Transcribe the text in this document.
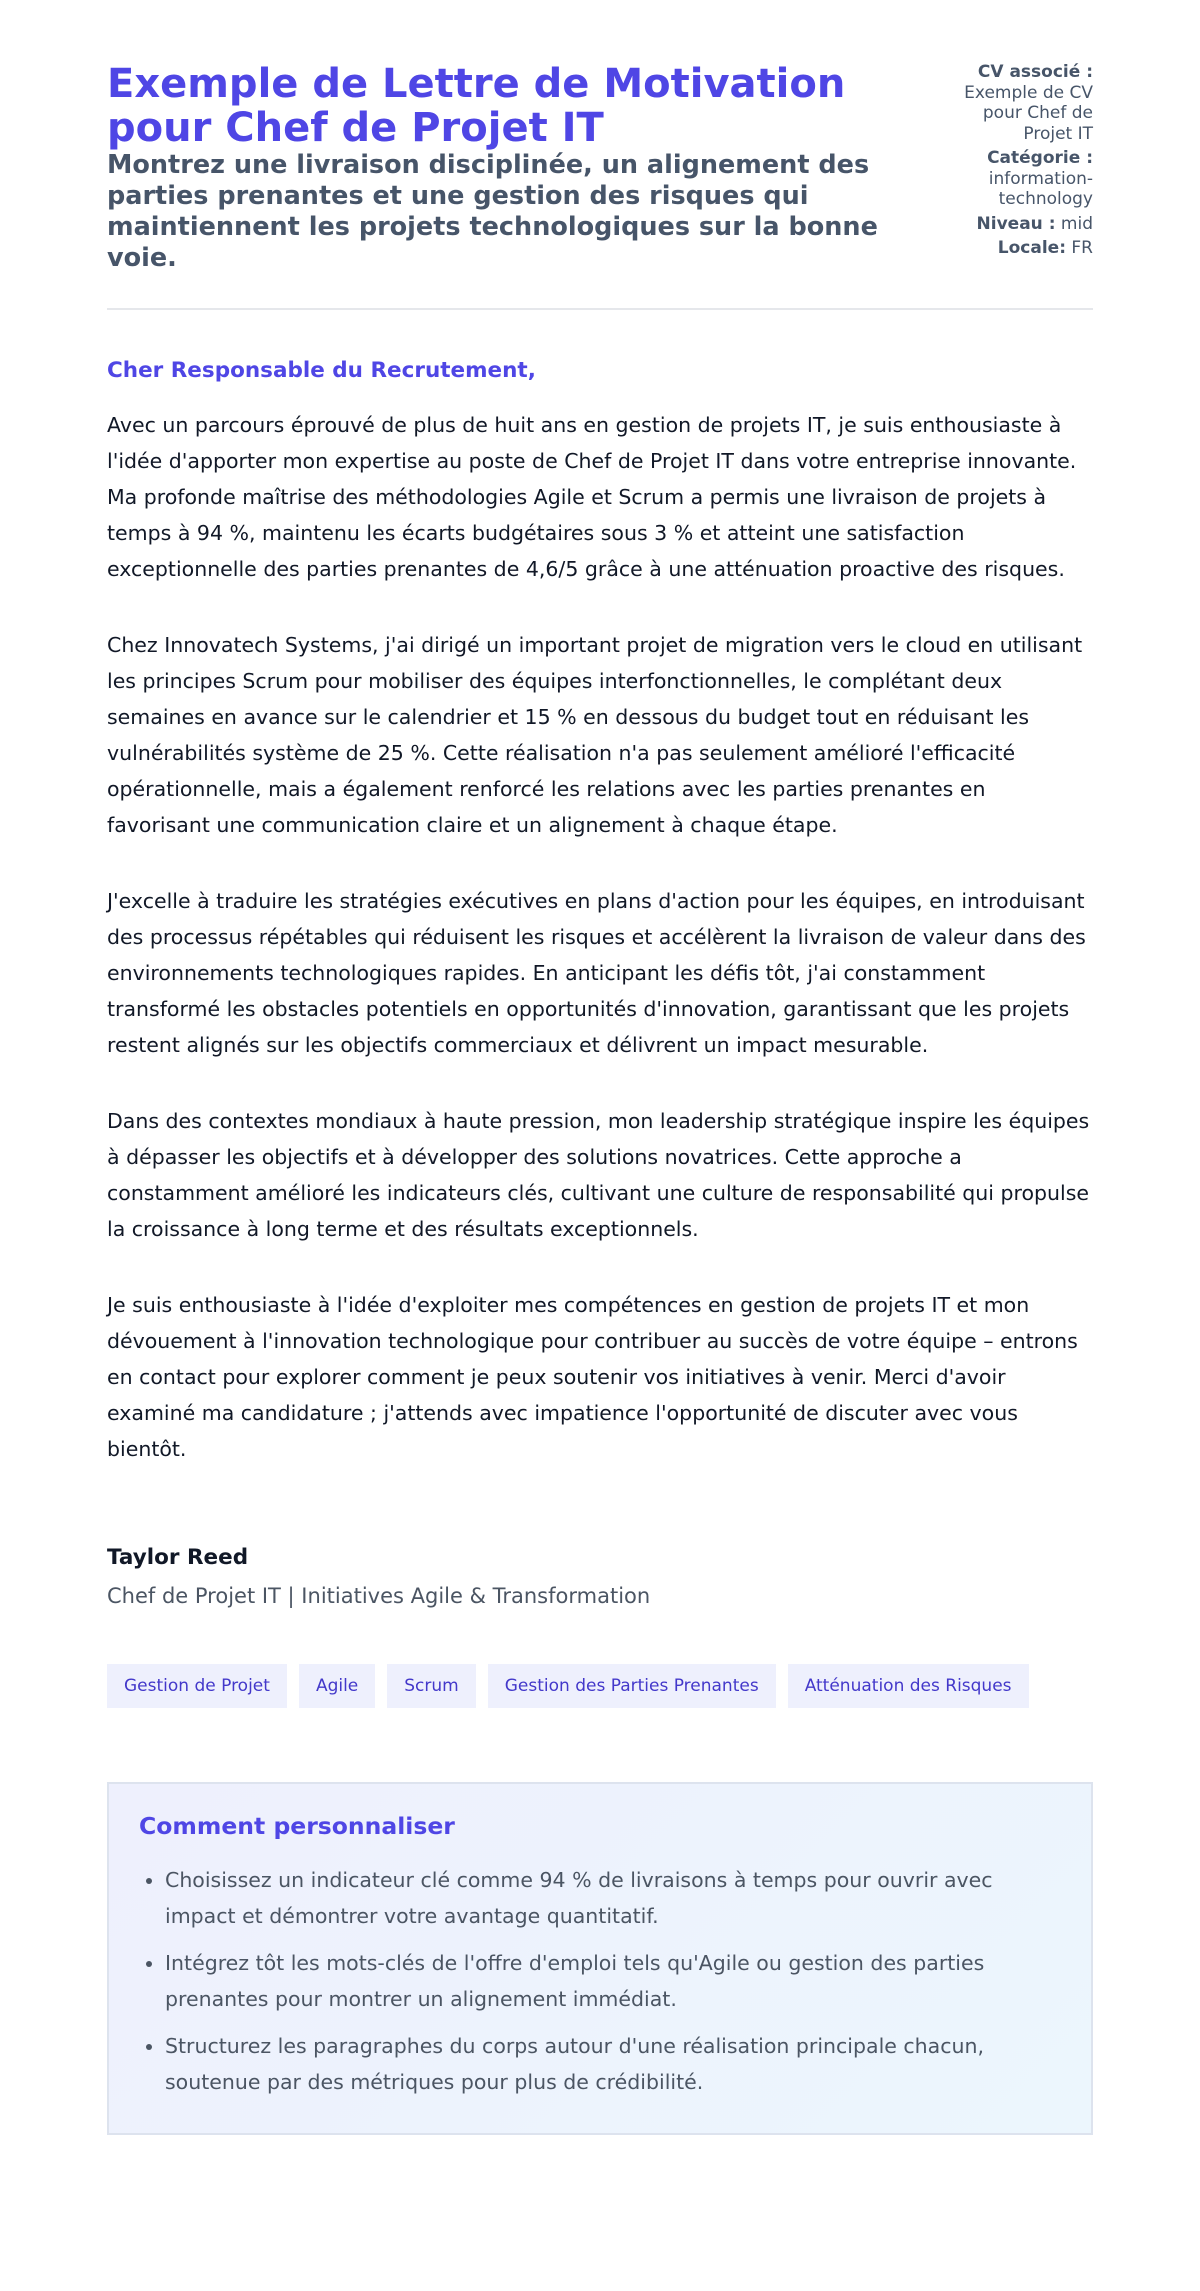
Exemple de Lettre de Motivation pour Chef de Projet IT

Montrez une livraison disciplinée, un alignement des parties prenantes et une gestion des risques qui maintiennent les projets technologiques sur la bonne voie.

CV associé :
Exemple de CV pour Chef de Projet IT
Catégorie :
information-technology
Niveau : mid
Locale: FR
Cher Responsable du Recrutement,

Avec un parcours éprouvé de plus de huit ans en gestion de projets IT, je suis enthousiaste à l'idée d'apporter mon expertise au poste de Chef de Projet IT dans votre entreprise innovante. Ma profonde maîtrise des méthodologies Agile et Scrum a permis une livraison de projets à temps à 94 %, maintenu les écarts budgétaires sous 3 % et atteint une satisfaction exceptionnelle des parties prenantes de 4,6/5 grâce à une atténuation proactive des risques.

Chez Innovatech Systems, j'ai dirigé un important projet de migration vers le cloud en utilisant les principes Scrum pour mobiliser des équipes interfonctionnelles, le complétant deux semaines en avance sur le calendrier et 15 % en dessous du budget tout en réduisant les vulnérabilités système de 25 %. Cette réalisation n'a pas seulement amélioré l'efficacité opérationnelle, mais a également renforcé les relations avec les parties prenantes en favorisant une communication claire et un alignement à chaque étape.

J'excelle à traduire les stratégies exécutives en plans d'action pour les équipes, en introduisant des processus répétables qui réduisent les risques et accélèrent la livraison de valeur dans des environnements technologiques rapides. En anticipant les défis tôt, j'ai constamment transformé les obstacles potentiels en opportunités d'innovation, garantissant que les projets restent alignés sur les objectifs commerciaux et délivrent un impact mesurable.

Dans des contextes mondiaux à haute pression, mon leadership stratégique inspire les équipes à dépasser les objectifs et à développer des solutions novatrices. Cette approche a constamment amélioré les indicateurs clés, cultivant une culture de responsabilité qui propulse la croissance à long terme et des résultats exceptionnels.

Je suis enthousiaste à l'idée d'exploiter mes compétences en gestion de projets IT et mon dévouement à l'innovation technologique pour contribuer au succès de votre équipe – entrons en contact pour explorer comment je peux soutenir vos initiatives à venir. Merci d'avoir examiné ma candidature ; j'attends avec impatience l'opportunité de discuter avec vous bientôt.

Taylor Reed
Chef de Projet IT | Initiatives Agile & Transformation
Gestion de Projet	Agile	Scrum	Gestion des Parties Prenantes	Atténuation des Risques
Comment personnaliser
• Choisissez un indicateur clé comme 94 % de livraisons à temps pour ouvrir avec impact et démontrer votre avantage quantitatif.
• Intégrez tôt les mots-clés de l'offre d'emploi tels qu'Agile ou gestion des parties prenantes pour montrer un alignement immédiat.
• Structurez les paragraphes du corps autour d'une réalisation principale chacun, soutenue par des métriques pour plus de crédibilité.
